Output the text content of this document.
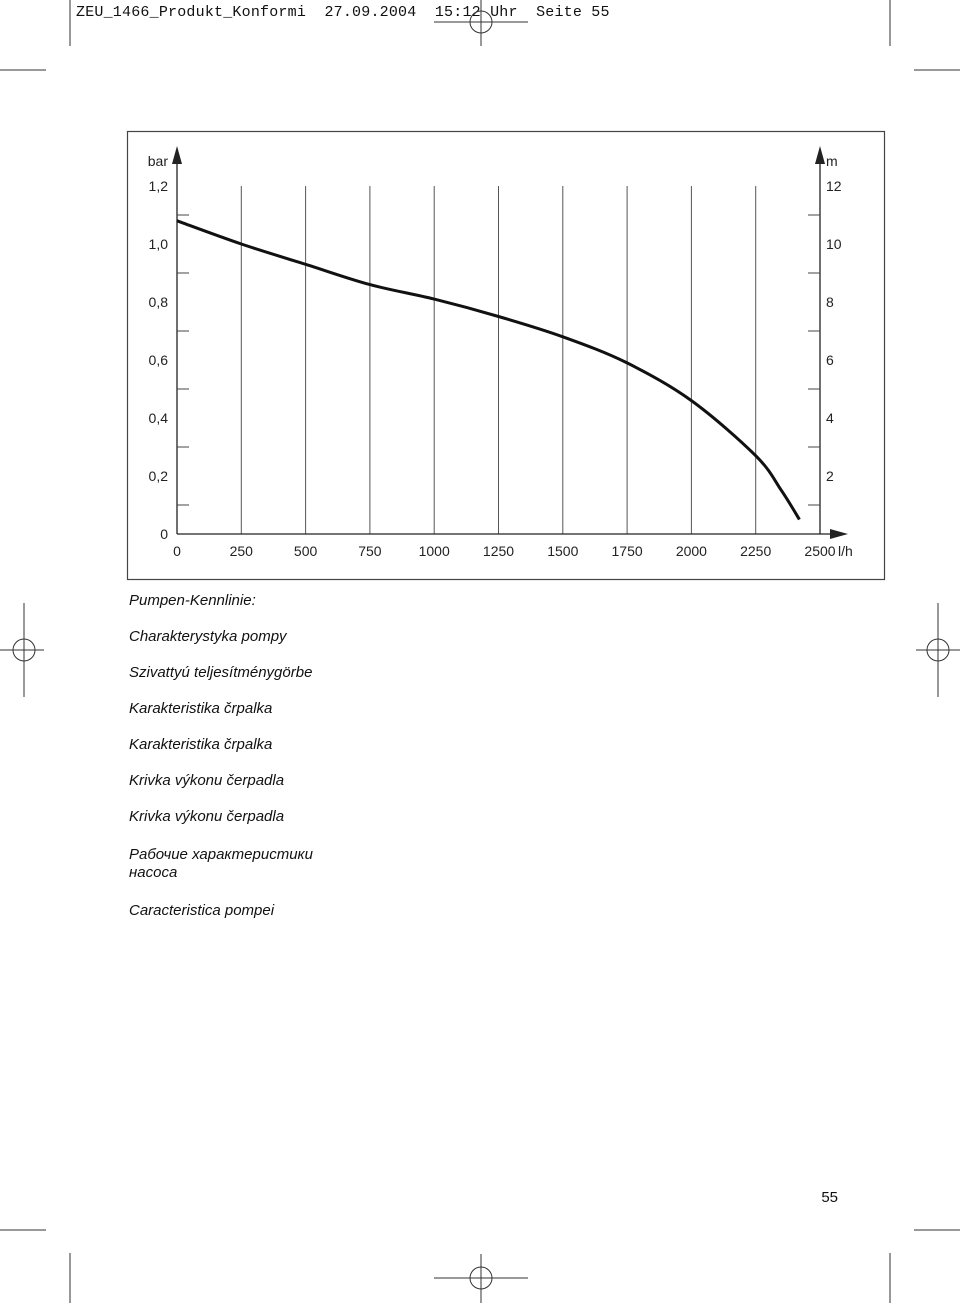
ZEU_1466_Produkt_Konformi  27.09.2004  15:12 Uhr  Seite 55
bar	m
0
0,2
0,4
0,6
0,8
1,0
1,2
2
4
6
8
10
12
0	250	500	750	1000 1250 1500 1750 2000 2250 2500 l/h

Pumpen-Kennlinie:

Charakterystyka pompy

Szivattyú teljesítménygörbe

Karakteristika črpalka

Karakteristika črpalka

Krivka výkonu čerpadla

Krivka výkonu čerpadla

Рабочие характеристики насоса

Caracteristica pompei

55
